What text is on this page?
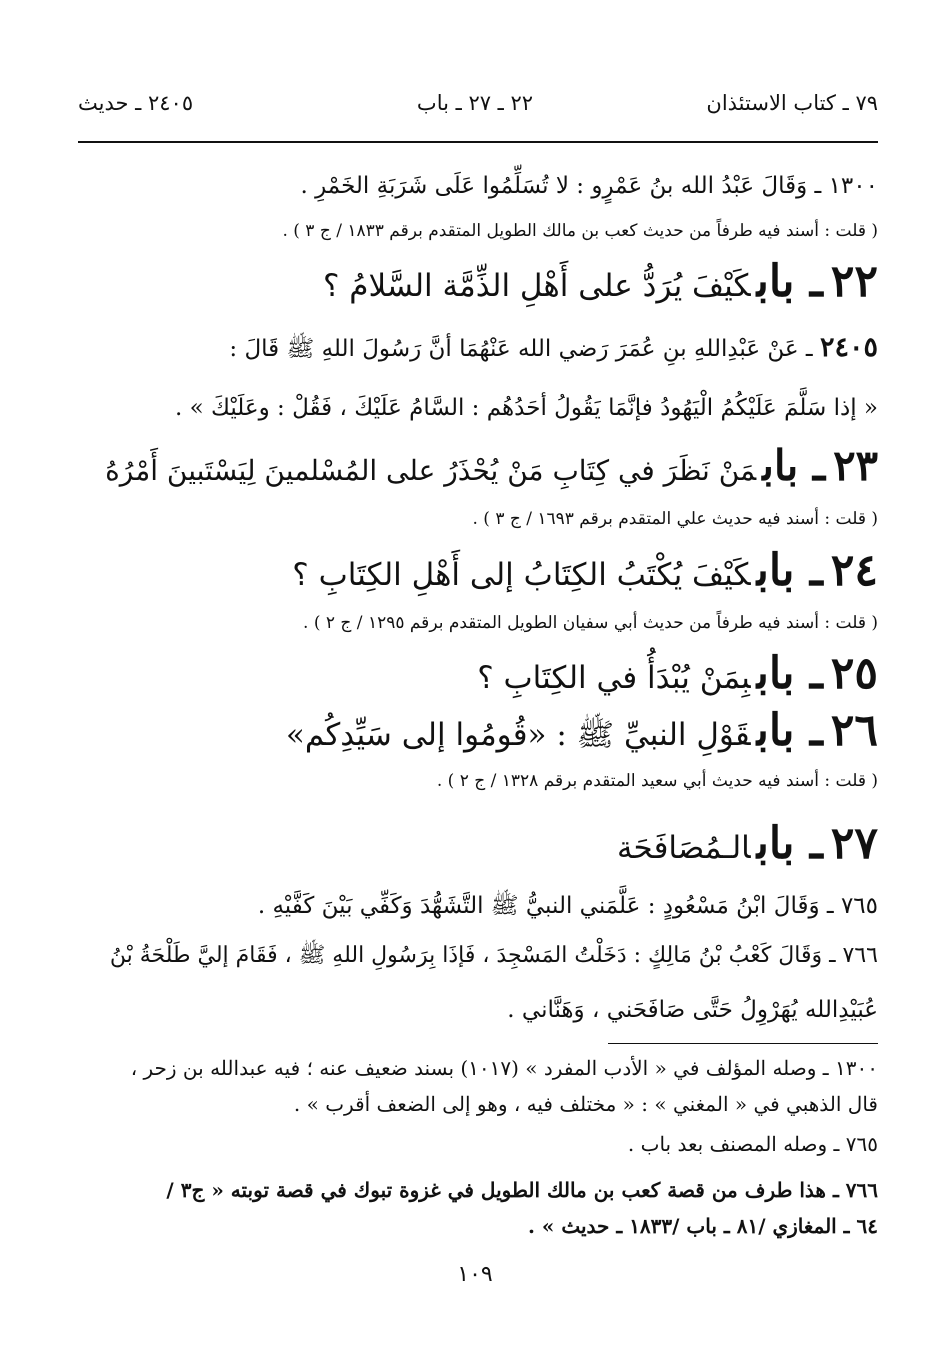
٧٩ ـ كتاب الاستئذان
٢٢ ـ ٢٧ ـ باب
٢٤٠٥ ـ حديث
١٣٠٠ ـ وَقَالَ عَبْدُ الله بنُ عَمْرٍو : لا تُسَلِّمُوا عَلَى شَرَبَةِ الخَمْرِ .
( قلت : أسند فيه طرفاً من حديث كعب بن مالك الطويل المتقدم برقم ١٨٣٣ / ج ٣ ) .
٢٢ـ بابكَيْفَ يُرَدُّ على أَهْلِ الذِّمَّة السَّلامُ ؟
٢٤٠٥ ـ عَنْ عَبْدِاللهِ بنِ عُمَرَ رَضي الله عَنْهُمَا أنَّ رَسُولَ اللهِ ﷺ قَالَ :
« إذا سَلَّمَ عَلَيْكُمُ الْيَهُودُ فإنَّمَا يَقُولُ أحَدُهُم : السَّامُ عَلَيْكَ ، فَقُلْ : وعَلَيْكَ » .
٢٣ـ بابمَنْ نَظَرَ في كِتَابِ مَنْ يُحْذَرُ على المُسْلمينَ لِيَسْتَبينَ أَمْرُهُ
( قلت : أسند فيه حديث علي المتقدم برقم ١٦٩٣ / ج ٣ ) .
٢٤ـ بابكَيْفَ يُكْتَبُ الكِتَابُ إلى أَهْلِ الكِتَابِ ؟
( قلت : أسند فيه طرفاً من حديث أبي سفيان الطويل المتقدم برقم ١٢٩٥ / ج ٢ ) .
٢٥ـ باببِمَنْ يُبْدَأُ في الكِتَابِ ؟
٢٦ـ بابقَوْلِ النبيِّ ﷺ : «قُومُوا إلى سَيِّدِكُم»
( قلت : أسند فيه حديث أبي سعيد المتقدم برقم ١٣٢٨ / ج ٢ ) .
٢٧ـ بابالـمُصَافَحَة
٧٦٥ ـ وَقَالَ ابْنُ مَسْعُودٍ : عَلَّمَني النبيُّ ﷺ التَّشَهُّدَ وَكَفِّي بَيْنَ كَفَّيْهِ .
٧٦٦ ـ وَقَالَ كَعْبُ بْنُ مَالِكٍ : دَخَلْتُ المَسْجِدَ ، فَإذَا بِرَسُولِ اللهِ ﷺ ، فَقَامَ إليَّ طَلْحَةُ بْنُ
عُبَيْدِالله يُهَرْوِلُ حَتَّى صَافَحَني ، وَهَنَّاني .
١٣٠٠ ـ وصله المؤلف في « الأدب المفرد » (١٠١٧) بسند ضعيف عنه ؛ فيه عبدالله بن زحر ،
قال الذهبي في « المغني » : « مختلف فيه ، وهو إلى الضعف أقرب » .
٧٦٥ ـ وصله المصنف بعد باب .
٧٦٦ ـ هذا طرف من قصة كعب بن مالك الطويل في غزوة تبوك في قصة توبته « ج٣ /
٦٤ ـ المغازي /٨١ ـ باب /١٨٣٣ ـ حديث » .
١٠٩
